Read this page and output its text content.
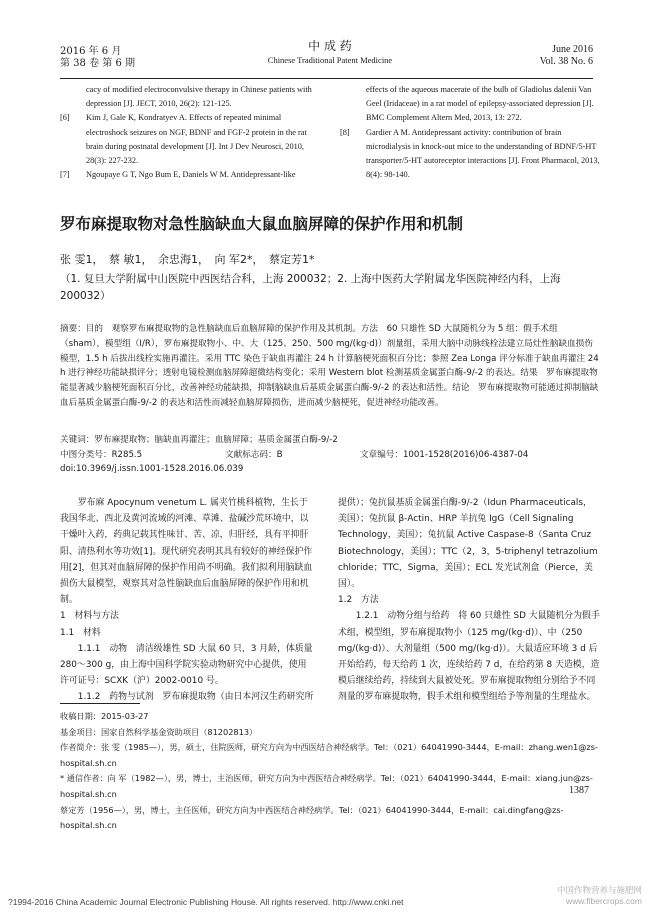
2016 年 6 月
第 38 卷 第 6 期
中 成 药
Chinese Traditional Patent Medicine
June 2016
Vol. 38 No. 6
cacy of modified electroconvulsive therapy in Chinese patients with depression [J]. JECT, 2010, 26(2): 121-125.
[6]	Kim J, Gale K, Kondratyev A. Effects of repeated minimal electroshock seizures on NGF, BDNF and FGF-2 protein in the rat brain during postnatal development [J]. Int J Dev Neurosci, 2010, 28(3): 227-232.
[7]	Ngoupaye G T, Ngo Bum E, Daniels W M. Antidepressant-like
effects of the aqueous macerate of the bulb of Gladiolus dalenii Van Geel (Iridaceae) in a rat model of epilepsy-associated depression [J]. BMC Complement Altern Med, 2013, 13: 272.
[8]	Gardier A M. Antidepressant activity: contribution of brain microdialysis in knock-out mice to the understanding of BDNF/5-HT transporter/5-HT autoreceptor interactions [J]. Front Pharmacol, 2013, 8(4): 98-140.
罗布麻提取物对急性脑缺血大鼠血脑屏障的保护作用和机制
张 雯1，　蔡 敏1，　余忠海1，　向 军2*，　蔡定芳1*
（1. 复旦大学附属中山医院中西医结合科，上海 200032；2. 上海中医药大学附属龙华医院神经内科，上海 200032）
摘要：目的　观察罗布麻提取物的急性脑缺血后血脑屏障的保护作用及其机制。方法　60 只雄性 SD 大鼠随机分为 5 组：假手术组（sham），模型组（I/R），罗布麻提取物小、中、大（125、250、500 mg/(kg·d)）剂量组，采用大脑中动脉线栓法建立局灶性脑缺血损伤模型，1.5 h 后拔出线栓实施再灌注。采用 TTC 染色于缺血再灌注 24 h 计算脑梗死面积百分比；参照 Zea Longa 评分标准于缺血再灌注 24 h 进行神经功能缺损评分；透射电镜检测血脑屏障超微结构变化；采用 Western blot 检测基质金属蛋白酶-9/-2 的表达。结果　罗布麻提取物能显著减少脑梗死面积百分比，改善神经功能缺损，抑制脑缺血后基质金属蛋白酶-9/-2 的表达和活性。结论　罗布麻提取物可能通过抑制脑缺血后基质金属蛋白酶-9/-2 的表达和活性而减轻血脑屏障损伤，进而减少脑梗死，促进神经功能改善。
关键词：罗布麻提取物；脑缺血再灌注；血脑屏障；基质金属蛋白酶-9/-2
中图分类号：R285.5	文献标志码：B	文章编号：1001-1528(2016)06-4387-04
doi:10.3969/j.issn.1001-1528.2016.06.039

罗布麻 Apocynum venetum L. 属夹竹桃科植物，生长于我国华北、西北及黄河流域的河滩、草滩、盐碱沙荒环境中，以干燥叶入药，药典记载其性味甘、苦、凉，归肝经，具有平抑肝阳、清热利水等功效[1]。现代研究表明其具有较好的神经保护作用[2]，但其对血脑屏障的保护作用尚不明确。我们拟利用脑缺血损伤大鼠模型，观察其对急性脑缺血后血脑屏障的保护作用和机制。

1　材料与方法

1.1　材料

1.1.1　动物　清洁级雄性 SD 大鼠 60 只，3 月龄，体质量 280～300 g，由上海中国科学院实验动物研究中心提供，使用许可证号：SCXK（沪）2002-0010 号。

1.1.2　药物与试剂　罗布麻提取物（由日本河汉生药研究所

提供）；兔抗鼠基质金属蛋白酶-9/-2（Idun Pharmaceuticals，美国）；兔抗鼠 β-Actin、HRP 羊抗兔 IgG（Cell Signaling Technology，美国）；兔抗鼠 Active Caspase-8（Santa Cruz Biotechnology，美国）；TTC（2，3，5-triphenyl tetrazolium chloride；TTC，Sigma，美国）；ECL 发光试剂盒（Pierce，美国）。

1.2　方法

1.2.1　动物分组与给药　将 60 只雄性 SD 大鼠随机分为假手术组，模型组，罗布麻提取物小（125 mg/(kg·d)）、中（250 mg/(kg·d)）、大剂量组（500 mg/(kg·d)）。大鼠适应环境 3 d 后开始给药，每天给药 1 次，连续给药 7 d，在给药第 8 天造模，造模后继续给药，持续到大鼠被处死。罗布麻提取物组分别给予不同剂量的罗布麻提取物，假手术组和模型组给予等剂量的生理盐水。

收稿日期：2015-03-27
基金项目：国家自然科学基金资助项目（81202813）
作者简介：张 雯（1985—），男，硕士，住院医师，研究方向为中西医结合神经病学。Tel：（021）64041990-3444，E-mail：zhang.wen1@zs-hospital.sh.cn
* 通信作者：向 军（1982—），男，博士，主治医师，研究方向为中西医结合神经病学。Tel：（021）64041990-3444，E-mail：xiang.jun@zs-hospital.sh.cn
蔡定芳（1956—），男，博士，主任医师，研究方向为中西医结合神经病学。Tel：（021）64041990-3444，E-mail：cai.dingfang@zs-hospital.sh.cn
1387
?1994-2016 China Academic Journal Electronic Publishing House. All rights reserved. http://www.cnki.net
中国作物营养与施肥网 www.fibercrops.com
